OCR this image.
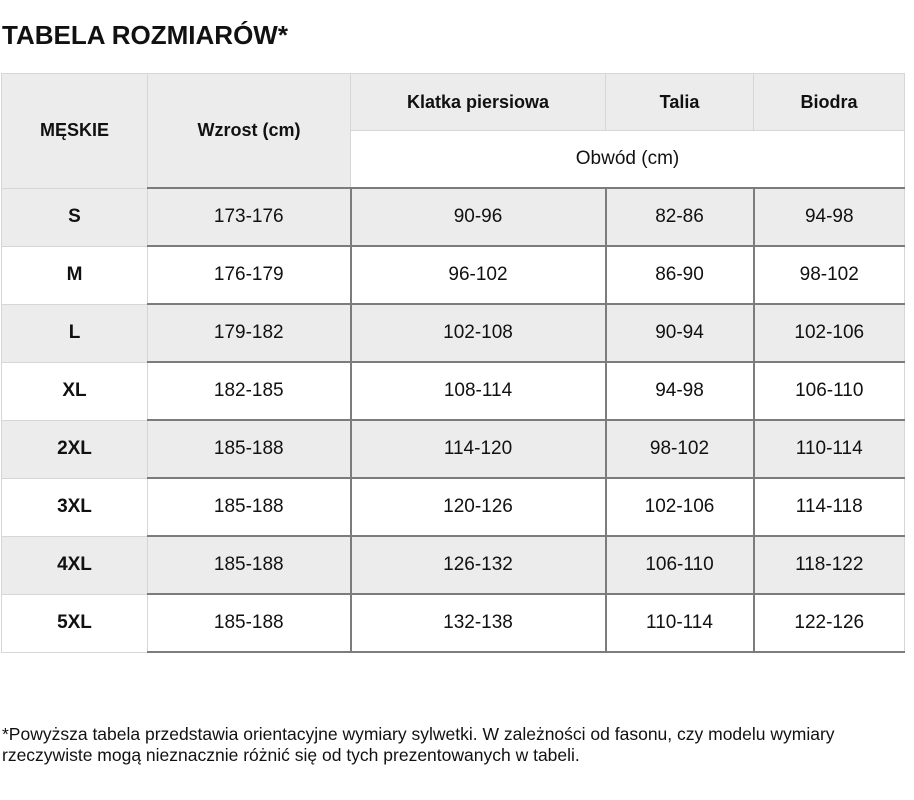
TABELA ROZMIARÓW*
MĘSKIE	Wzrost (cm)	Klatka piersiowa	Talia	Biodra
		Obwód (cm)		
S	173-176	90-96	82-86	94-98
M	176-179	96-102	86-90	98-102
L	179-182	102-108	90-94	102-106
XL	182-185	108-114	94-98	106-110
2XL	185-188	114-120	98-102	110-114
3XL	185-188	120-126	102-106	114-118
4XL	185-188	126-132	106-110	118-122
5XL	185-188	132-138	110-114	122-126
*Powyższa tabela przedstawia orientacyjne wymiary sylwetki. W zależności od fasonu, czy modelu wymiary rzeczywiste mogą nieznacznie różnić się od tych prezentowanych w tabeli.
